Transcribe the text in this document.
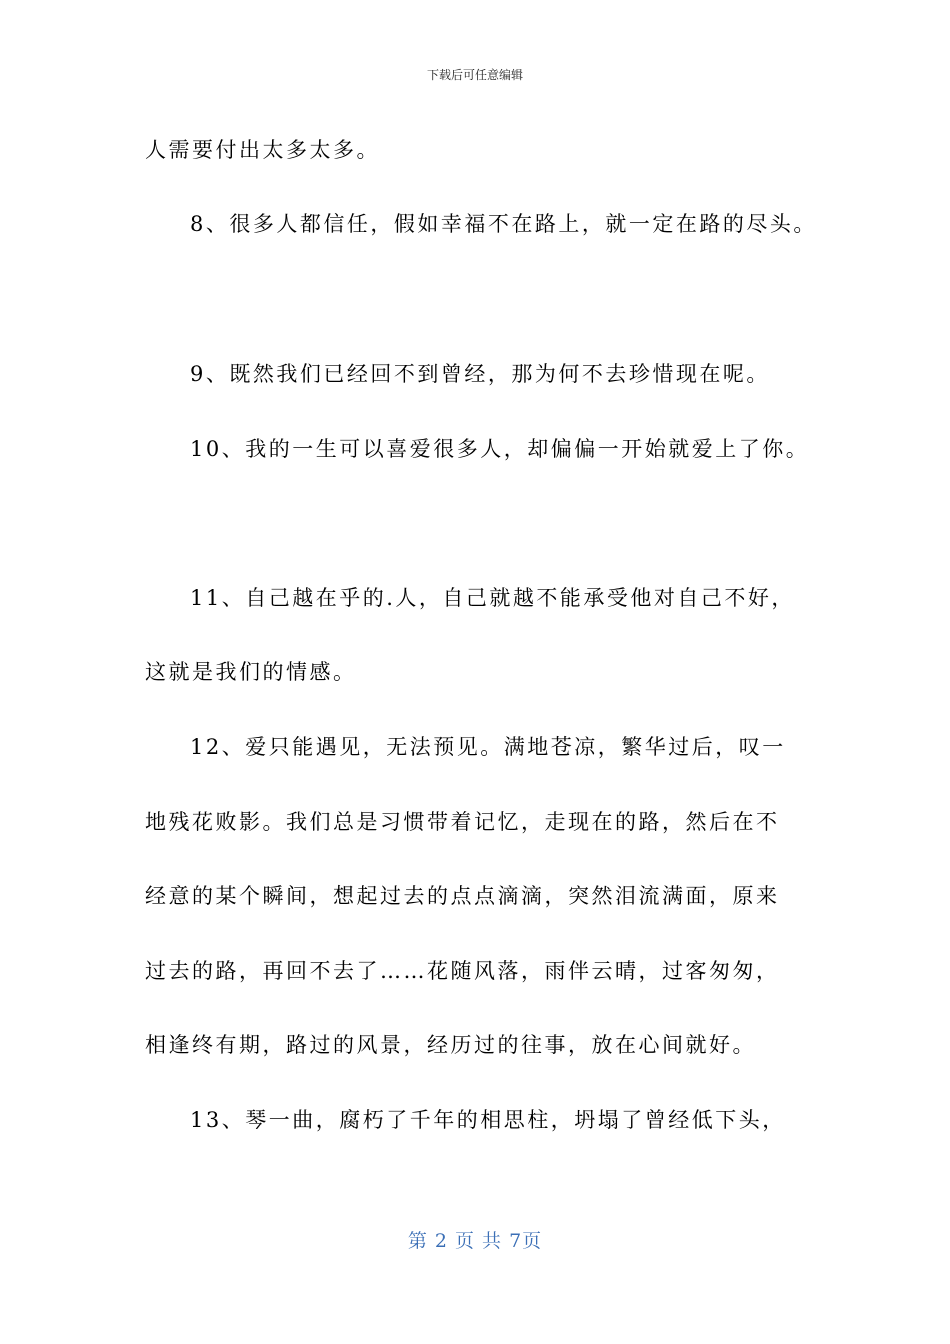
下载后可任意编辑
人需要付出太多太多。
8、很多人都信任，假如幸福不在路上，就一定在路的尽头。
9、既然我们已经回不到曾经，那为何不去珍惜现在呢。
10、我的一生可以喜爱很多人，却偏偏一开始就爱上了你。
11、自己越在乎的.人，自己就越不能承受他对自己不好，
这就是我们的情感。
12、爱只能遇见，无法预见。满地苍凉，繁华过后，叹一
地残花败影。我们总是习惯带着记忆，走现在的路，然后在不
经意的某个瞬间，想起过去的点点滴滴，突然泪流满面，原来
过去的路，再回不去了……花随风落，雨伴云晴，过客匆匆，
相逢终有期，路过的风景，经历过的往事，放在心间就好。
13、琴一曲，腐朽了千年的相思柱，坍塌了曾经低下头，
第 2 页 共 7页
